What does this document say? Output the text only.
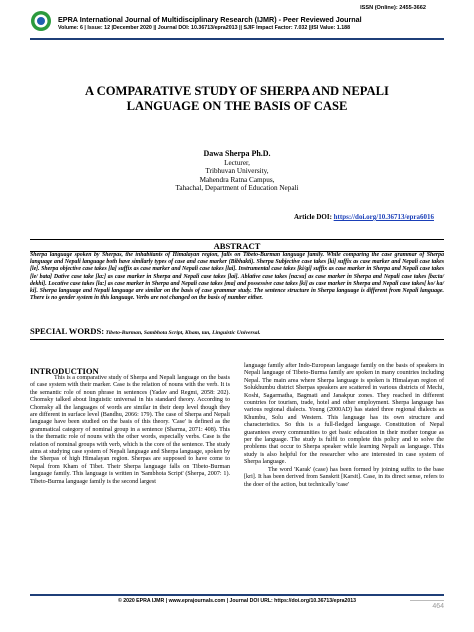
ISSN (Online): 2455-3662
EPRA International Journal of Multidisciplinary Research (IJMR) - Peer Reviewed Journal
Volume: 6 | Issue: 12 |December 2020 || Journal DOI: 10.36713/epra2013 || SJIF Impact Factor: 7.032 ||ISI Value: 1.188
A COMPARATIVE STUDY OF SHERPA AND NEPALI
LANGUAGE ON THE BASIS OF CASE
Dawa Sherpa Ph.D.
Lecturer,
Tribhuvan University,
Mahendra Ratna Campus,
Tahachal, Department of Education Nepali
Article DOI: https://doi.org/10.36713/epra6016
ABSTRACT
Sherpa language spoken by Sherpas, the inhabitants of Himalayan region, falls on Tibeto-Burman language family. While comparing the case grammar of Sherpa language and Nepali language both have similarly types of case and case marker (Bibhakti). Sherpa Subjective case takes [ki] suffix as case marker and Nepali case takes [le]. Sherpa objective case takes [la] suffix as case marker and Nepali case takes [lai]. Instrumental case takes [ki/gi] suffix as case marker in Sherpa and Nepali case takes [le/ bata] Dative case take [la:] as case marker in Sherpa and Nepali case takes [lai]. Ablative case takes [na:su] as case marker in Sherpa and Nepali case takes [ba:ta/ dekhi]. Locative case takes [la:] as case marker in Sherpa and Nepali case takes [ma] and possessive case takes [ki] as case marker in Sherpa and Nepali case takes[ ko/ ka/ ki]. Sherpa language and Nepali language are similar on the basis of case grammar study. The sentence structure in Sherpa language is different from Nepali language. There is no gender system in this language. Verbs are not changed on the basis of number either.
SPECIAL WORDS: Tibeto-Burman, Sambhota Script, Kham, tan, Linguistic Universal.
INTRODUCTION

This is a comparative study of Sherpa and Nepali language on the basis of case system with their marker. Case is the relation of nouns with the verb. It is the semantic role of noun phrase in sentences (Yadav and Regmi, 2058: 202). Chomsky talked about linguistic universal in his standard theory. According to Chomsky all the languages of words are similar in their deep level though they are different in surface level (Bandhu, 2066: 179). The case of Sherpa and Nepali language have been studied on the basis of this theory. 'Case' is defined as the grammatical category of nominal group in a sentence (Sharma, 2071: 408). This is the thematic role of nouns with the other words, especially verbs. Case is the relation of nominal groups with verb, which is the core of the sentence. The study aims at studying case system of Nepali language and Sherpa language, spoken by the Sherpas of high Himalayan region. Sherpas are supposed to have come to Nepal from Kham of Tibet. Their Sherpa language falls on Tibeto-Burman language family. This language is written in 'Sambhota Script' (Sherpa, 2007: 1). Tibeto-Burma language family is the second largest

language family after Indo-European language family on the basis of speakers in Nepali language of Tibeto-Burma family are spoken in many countries including Nepal. The main area where Sherpa language is spoken is Himalayan region of Solukhumbu district Sherpas speakers are scattered in various districts of Mechi, Koshi, Sagarmatha, Bagmati and Janakpur zones. They reached in different countries for tourism, trade, hotel and other employment. Sherpa language has various regional dialects. Young (2000AD) has stated three regional dialects as Khumbu, Solu and Western. This language has its own structure and characteristics. So this is a full-fledged language. Constitution of Nepal guarantees every communities to get basic education in their mother tongue as per the language. The study is fulfil to complete this policy and to solve the problems that occur to Sherpa speaker while learning Nepali as language. This study is also helpful for the researcher who are interested in case system of Sherpa language.

The word 'Karak' (case) has been formed by joining suffix to the base [kri]. It has been derived from Sanskrit [Karsit]. Case, in its direct sense, refers to the doer of the action, but technically 'case'

© 2020 EPRA IJMR | www.eprajournals.com | Journal DOI URL: https://doi.org/10.36713/epra2013
464
